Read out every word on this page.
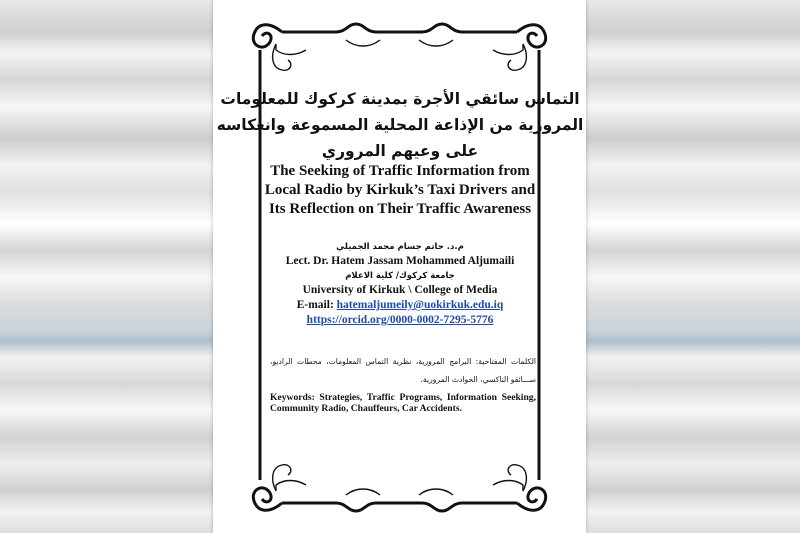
التماس سائقي الأجرة بمدينة كركوك للمعلومات
المرورية من الإذاعة المحلية المسموعة وانعكاسه
على وعيهم المروري
The Seeking of Traffic Information from
Local Radio by Kirkuk’s Taxi Drivers and
Its Reflection on Their Traffic Awareness
م.د. حاتم جسام محمد الجميلي
Lect. Dr. Hatem Jassam Mohammed Aljumaili
جامعة كركوك/ كلية الاعلام
University of Kirkuk \ College of Media
E-mail: hatemaljumeily@uokirkuk.edu.iq
https://orcid.org/0000-0002-7295-5776
الكلمات المفتاحية: البرامج المرورية، نظرية التماس المعلومات، محطات الراديو، ســـائقو التاكسي، الحوادث المرورية.
Keywords: Strategies, Traffic Programs, Information Seeking, Community Radio, Chauffeurs, Car Accidents.
